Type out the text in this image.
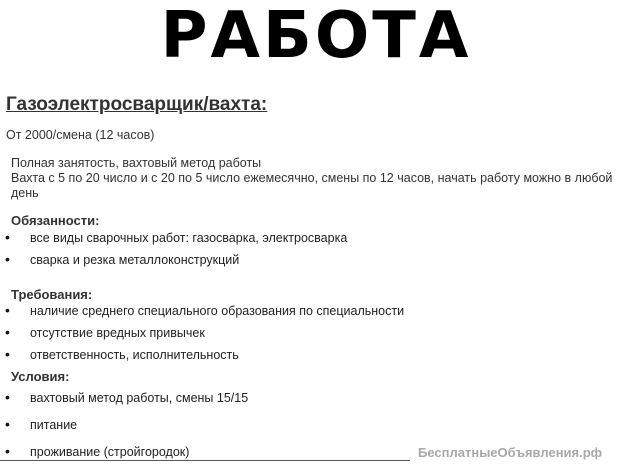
РАБОТА
Газоэлектросварщик/вахта:
От 2000/смена (12 часов)
Полная занятость, вахтовый метод работы
Вахта с 5 по 20 число и с 20 по 5 число ежемесячно, смены по 12 часов, начать работу можно в любой
день
Обязанности:
• все виды сварочных работ: газосварка, электросварка
• сварка и резка металлоконструкций
Требования:
• наличие среднего специального образования по специальности
• отсутствие вредных привычек
• ответственность, исполнительность
Условия:
• вахтовый метод работы, смены 15/15
• питание
• проживание (стройгородок)	БесплатныеОбъявления.рф
